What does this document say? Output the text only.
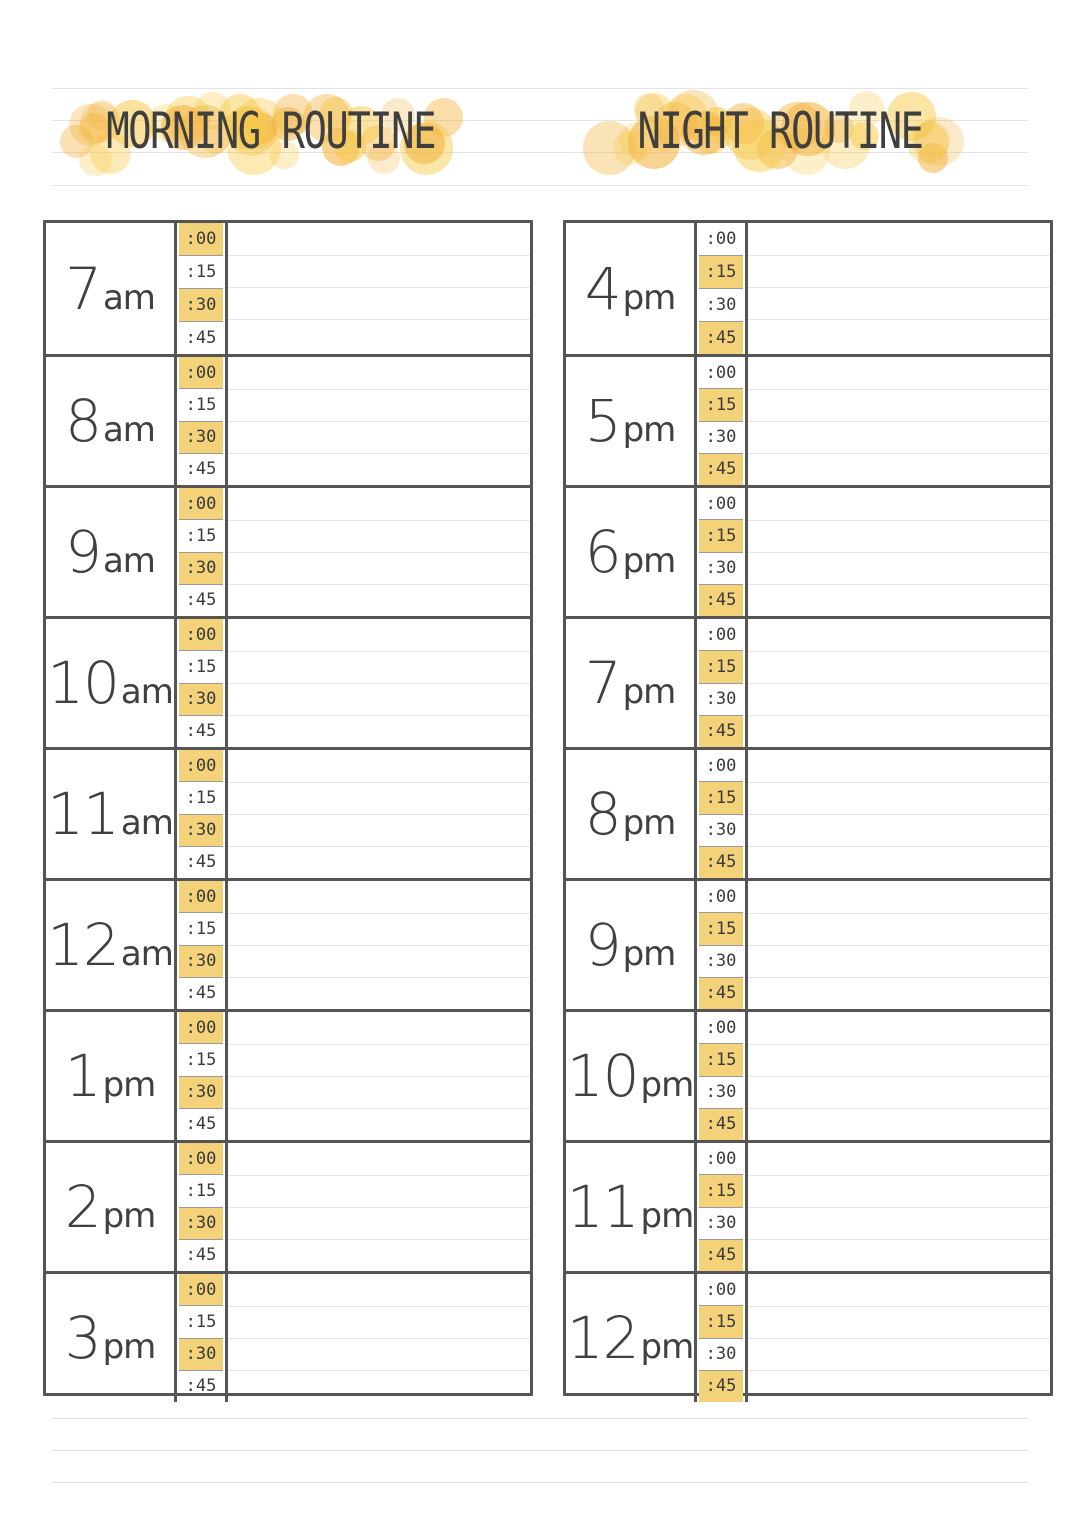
MORNING ROUTINE	NIGHT ROUTINE
7 am
:00
:15
:30
:45
8 am
:00
:15
:30
:45
9 am
:00
:15
:30
:45
10 am
:00
:15
:30
:45
11 am
:00
:15
:30
:45
12 am
:00
:15
:30
:45
1 pm
:00
:15
:30
:45
2 pm
:00
:15
:30
:45
3 pm
:00
:15
:30
:45
4 pm
:00
:15
:30
:45
5 pm
:00
:15
:30
:45
6 pm
:00
:15
:30
:45
7 pm
:00
:15
:30
:45
8 pm
:00
:15
:30
:45
9 pm
:00
:15
:30
:45
10 pm
:00
:15
:30
:45
11 pm
:00
:15
:30
:45
12 pm
:00
:15
:30
:45
